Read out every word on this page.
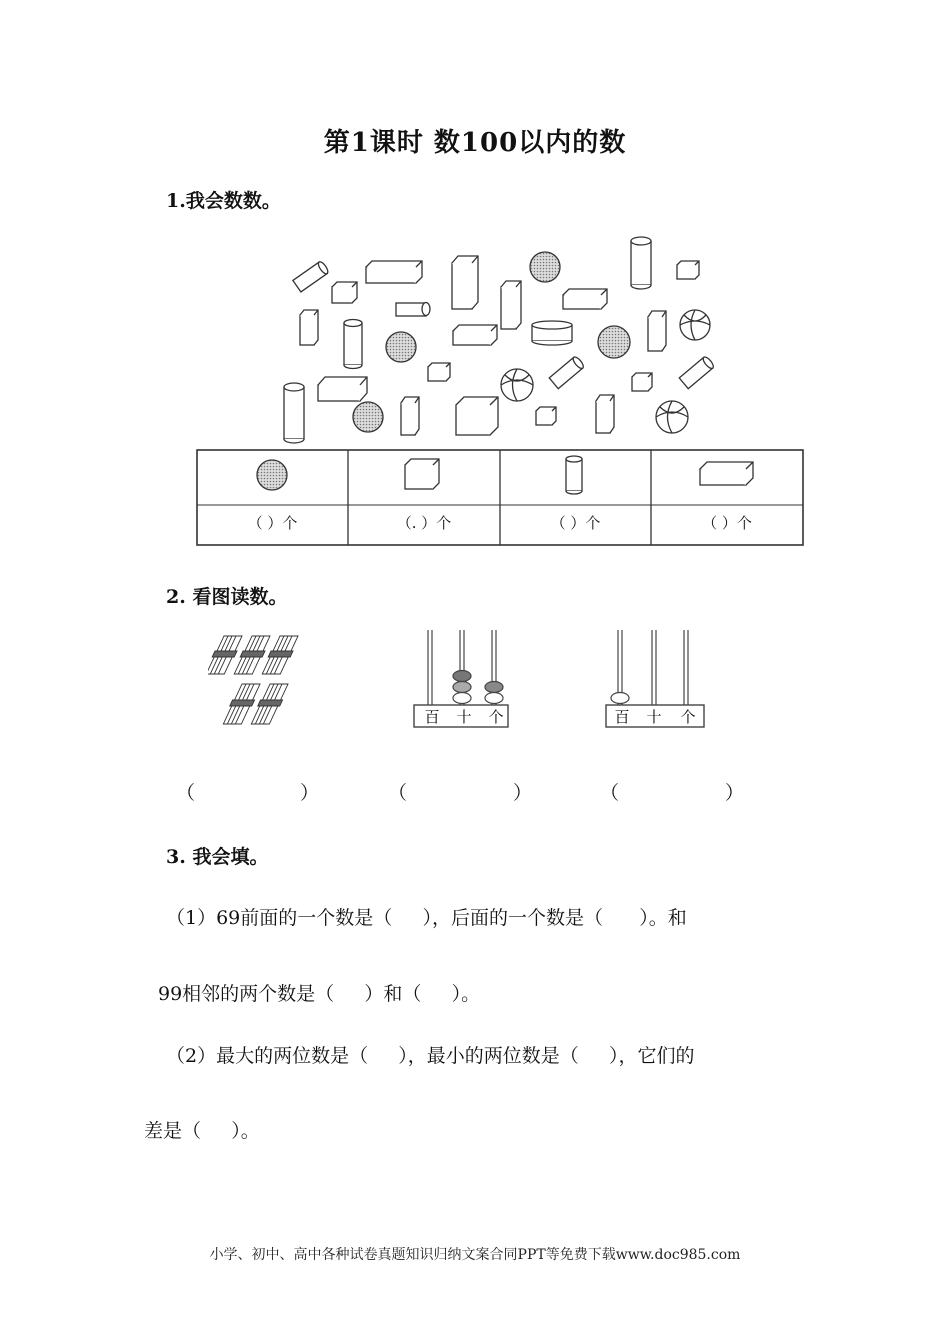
第1课时 数100以内的数
1.我会数数。
（ ）个	（. ）个	（ ）个	（ ）个
2. 看图读数。
百 十 个	百 十 个
（	）	（	）	（	）
3. 我会填。
（1）69前面的一个数是（     ），后面的一个数是（      ）。和
99相邻的两个数是（     ）和（     ）。
（2）最大的两位数是（     ），最小的两位数是（     ），它们的
差是（     ）。
小学、初中、高中各种试卷真题知识归纳文案合同PPT等免费下载www.doc985.com
